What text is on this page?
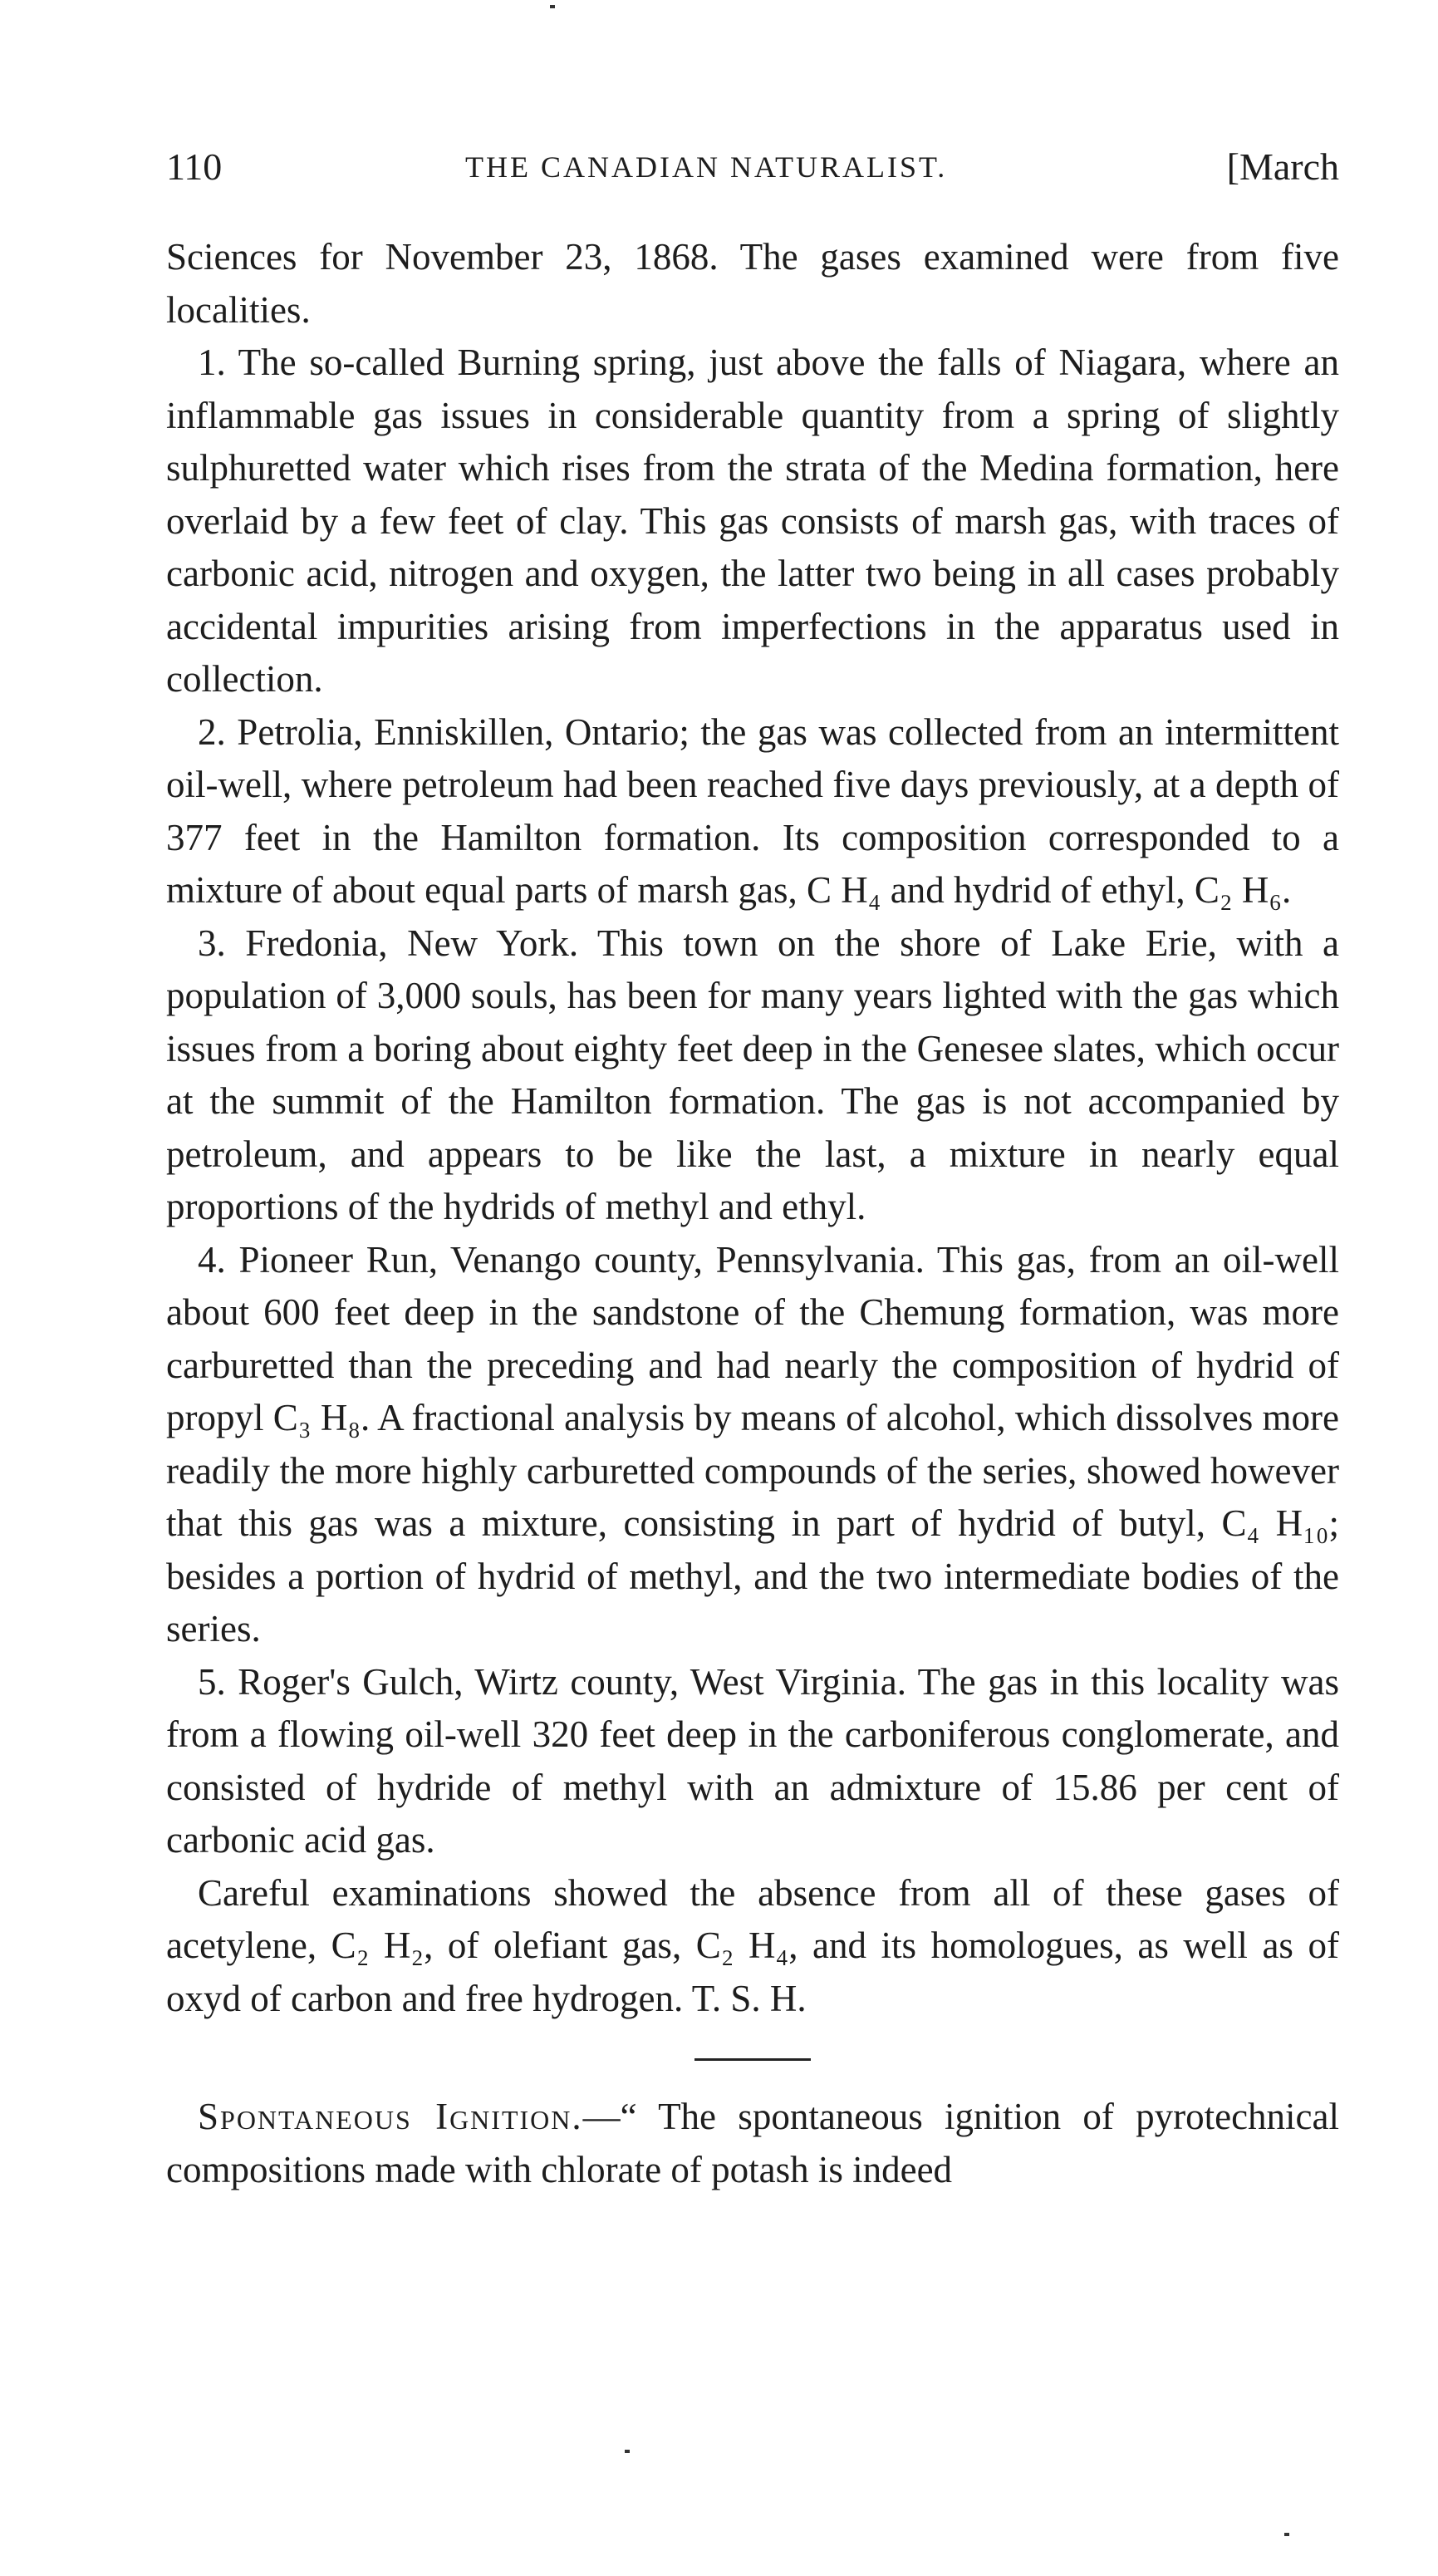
110	THE CANADIAN NATURALIST.	[March

Sciences for November 23, 1868. The gases examined were from five localities.

1. The so-called Burning spring, just above the falls of Niagara, where an inflammable gas issues in considerable quantity from a spring of slightly sulphuretted water which rises from the strata of the Medina formation, here overlaid by a few feet of clay. This gas consists of marsh gas, with traces of carbonic acid, nitrogen and oxygen, the latter two being in all cases probably accidental impurities arising from imperfections in the apparatus used in collection.

2. Petrolia, Enniskillen, Ontario; the gas was collected from an intermittent oil-well, where petroleum had been reached five days previously, at a depth of 377 feet in the Hamilton formation. Its composition corresponded to a mixture of about equal parts of marsh gas, C H₄ and hydrid of ethyl, C₂ H₆.

3. Fredonia, New York. This town on the shore of Lake Erie, with a population of 3,000 souls, has been for many years lighted with the gas which issues from a boring about eighty feet deep in the Genesee slates, which occur at the summit of the Hamilton formation. The gas is not accompanied by petroleum, and appears to be like the last, a mixture in nearly equal proportions of the hydrids of methyl and ethyl.

4. Pioneer Run, Venango county, Pennsylvania. This gas, from an oil-well about 600 feet deep in the sandstone of the Chemung formation, was more carburetted than the preceding and had nearly the composition of hydrid of propyl C₃ H₈. A fractional analysis by means of alcohol, which dissolves more readily the more highly carburetted compounds of the series, showed however that this gas was a mixture, consisting in part of hydrid of butyl, C₄ H₁₀; besides a portion of hydrid of methyl, and the two intermediate bodies of the series.

5. Roger's Gulch, Wirtz county, West Virginia. The gas in this locality was from a flowing oil-well 320 feet deep in the carboniferous conglomerate, and consisted of hydride of methyl with an admixture of 15.86 per cent of carbonic acid gas.

Careful examinations showed the absence from all of these gases of acetylene, C₂ H₂, of olefiant gas, C₂ H₄, and its homologues, as well as of oxyd of carbon and free hydrogen. T. S. H.

Spontaneous Ignition.—“ The spontaneous ignition of pyrotechnical compositions made with chlorate of potash is indeed
